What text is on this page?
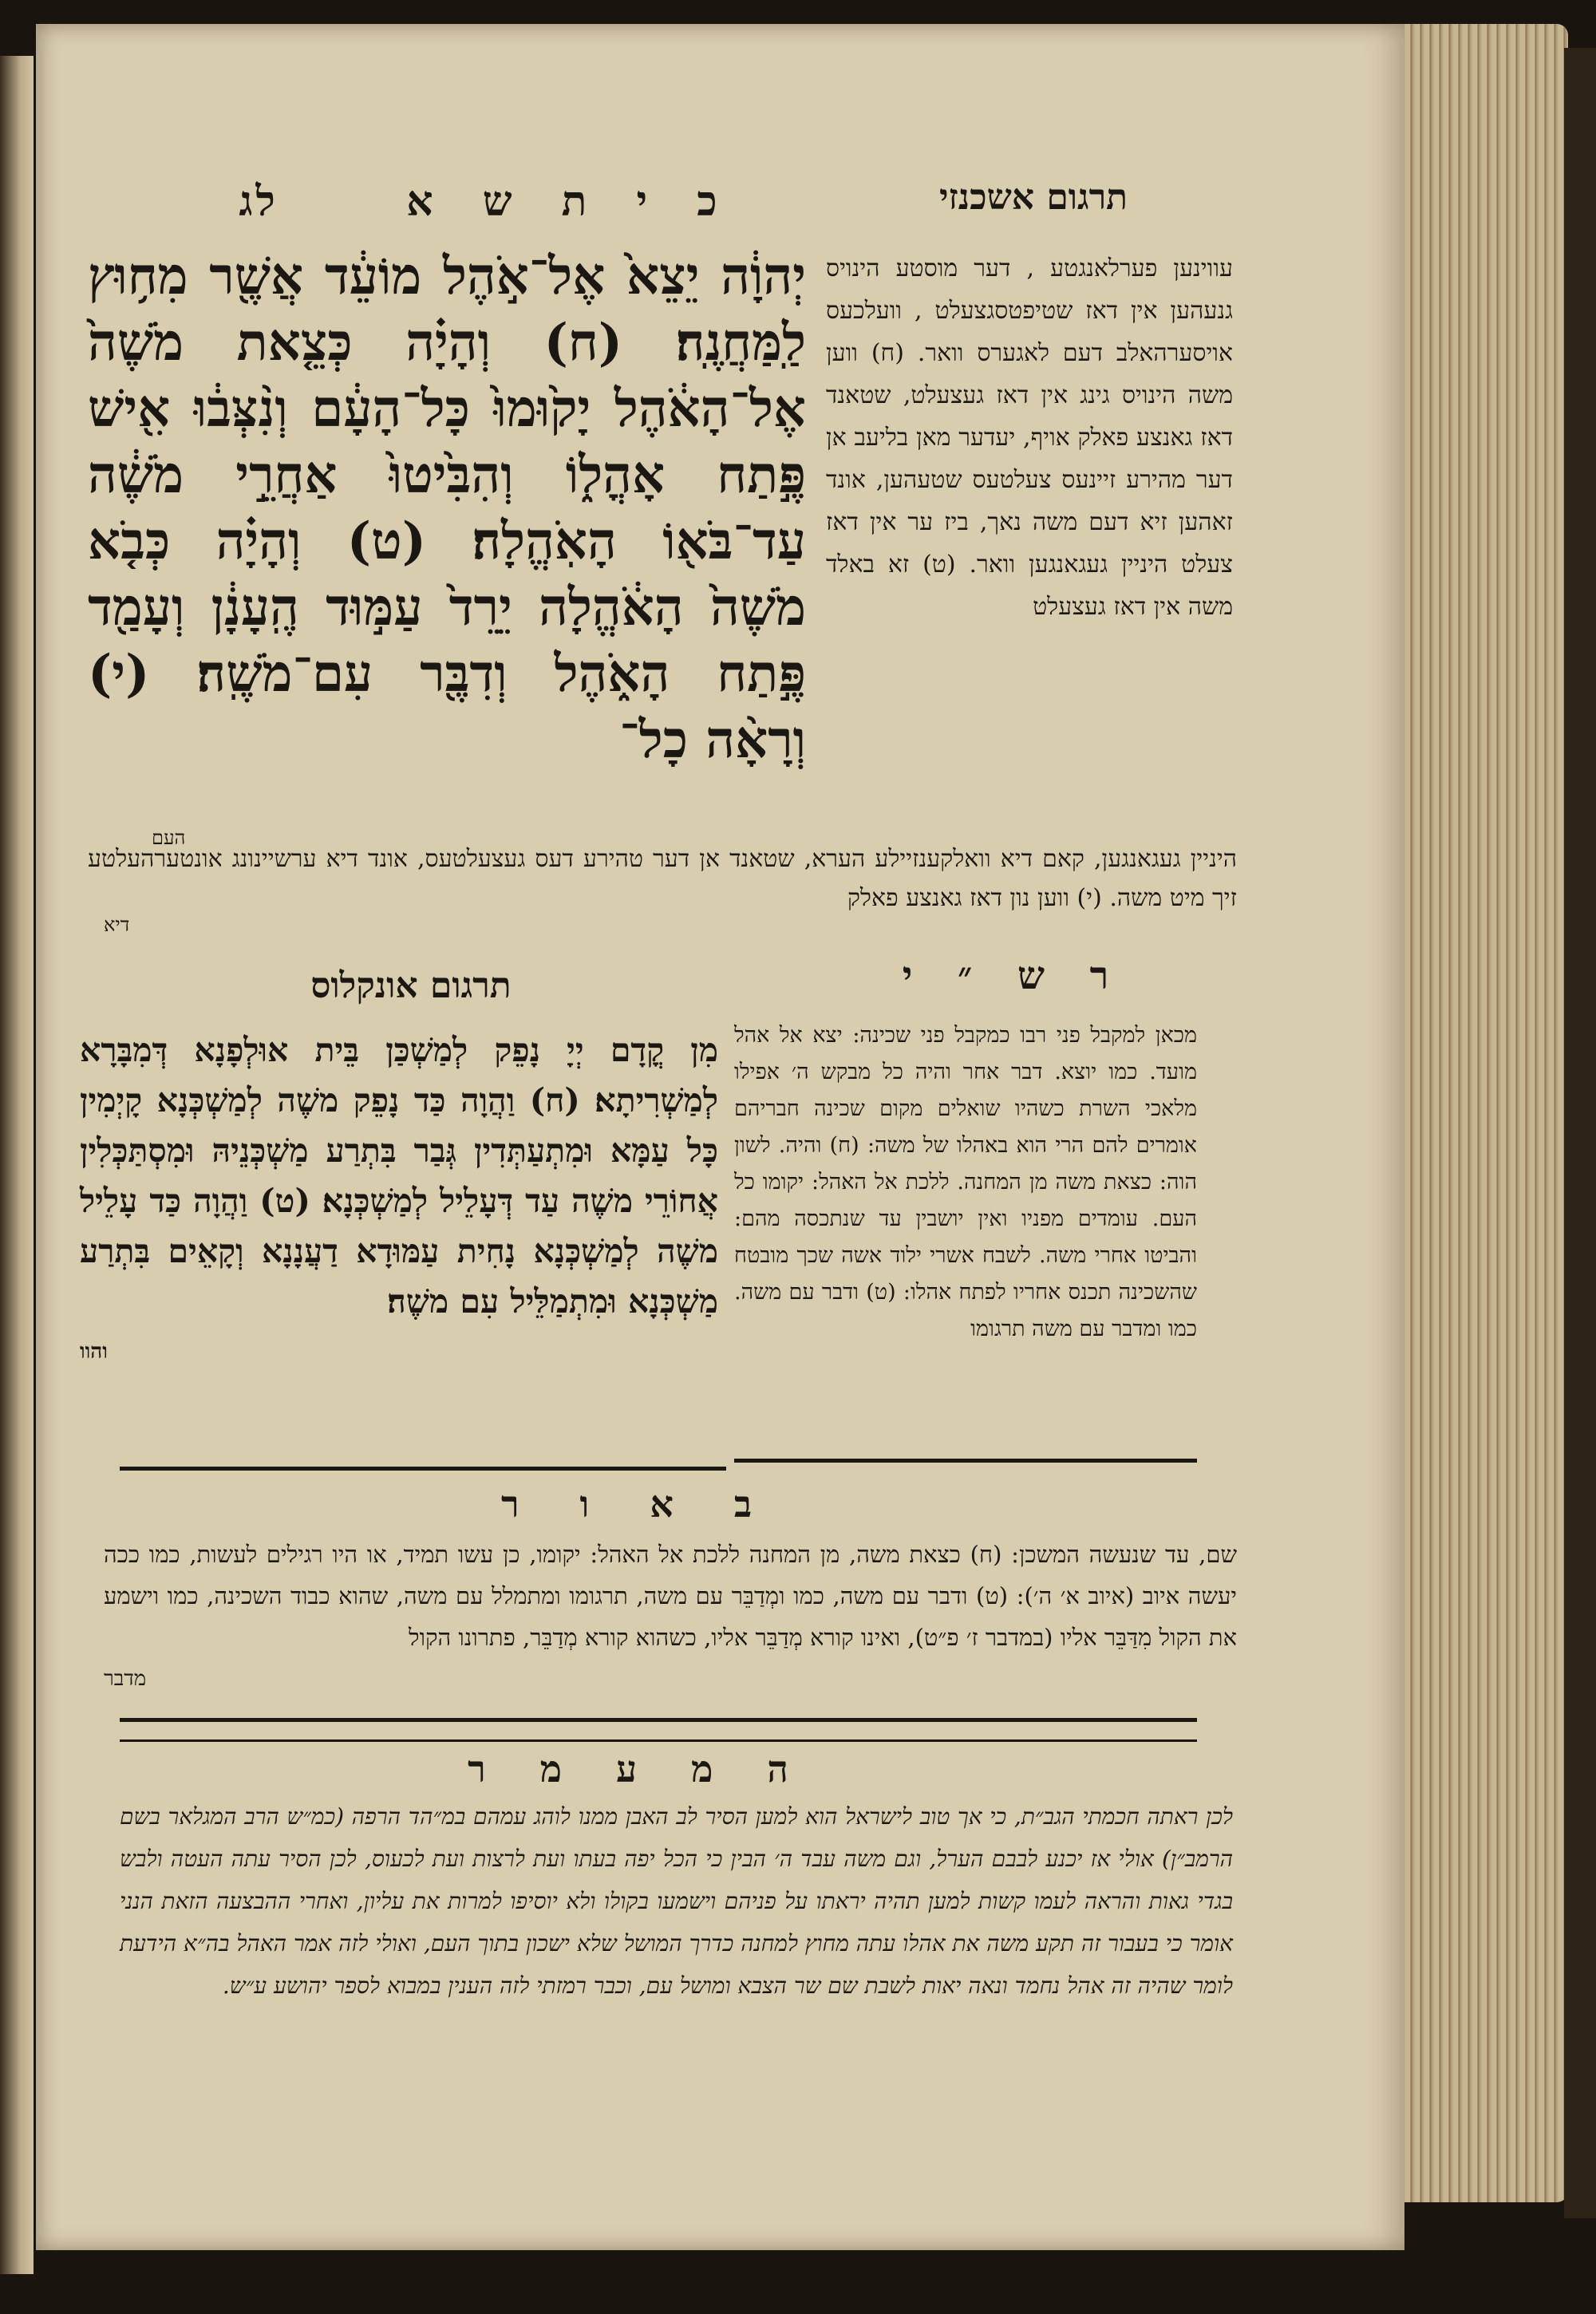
כ י ת ש א    לג	תרגום אשכנזי
יְהוָ֔ה יֵצֵא֙ אֶל־אֹ֣הֶל מוֹעֵ֔ד אֲשֶׁ֖ר מִח֥וּץ לַֽמַּחֲנֶֽה׃ (ח) וְהָיָ֗ה כְּצֵ֤את מֹשֶׁה֙ אֶל־הָאֹ֔הֶל יָק֙וּמוּ֙ כָּל־הָעָ֔ם וְנִ֨צְּב֔וּ אִ֖ישׁ פֶּ֣תַח אָהֳל֑וֹ וְהִבִּ֙יטוּ֙ אַחֲרֵ֣י מֹשֶׁ֔ה עַד־בֹּא֖וֹ הָאֹֽהֱלָה׃ (ט) וְהָיָ֗ה כְּבֹ֤א מֹשֶׁה֙ הָאֹ֔הֱלָה יֵרֵד֙ עַמּ֣וּד הֶֽעָנָ֔ן וְעָמַ֖ד פֶּ֣תַח הָאֹ֑הֶל וְדִבֶּ֖ר עִם־מֹשֶֽׁה׃ (י) וְרָאָ֨ה כָל־
עווינען פערלאנגטע , דער מוסטע הינויס גנעהען אין דאז שטיפטסגצעלט , וועלכעס אויסערהאלב דעם לאגערס וואר. (ח) ווען משה הינויס גינג אין דאז געצעלט, שטאנד דאז גאנצע פאלק אויף, יעדער מאן בליעב אן דער מהירע זיינעס צעלטעס שטעהען, אונד זאהען זיא דעם משה נאך, ביז ער אין דאז צעלט היניין געגאנגען וואר. (ט) זא באלד משה אין דאז געצעלט
העם
היניין געגאנגען, קאם דיא וואלקענזיילע הערא, שטאנד אן דער טהירע דעס געצעלטעס, אונד דיא ערשיינונג אונטערהעלטע זיך מיט משה. (י) ווען נון דאז גאנצע פאלק
דיא
ר ש ״ י
תרגום אונקלוס
מכאן למקבל פני רבו כמקבל פני שכינה: יצא אל אהל מועד. כמו יוצא. דבר אחר והיה כל מבקש ה׳ אפילו מלאכי השרת כשהיו שואלים מקום שכינה חבריהם אומרים להם הרי הוא באהלו של משה: (ח) והיה. לשון הוה: כצאת משה מן המחנה. ללכת אל האהל: יקומו כל העם. עומדים מפניו ואין יושבין עד שנתכסה מהם: והביטו אחרי משה. לשבח אשרי ילוד אשה שכך מובטח שהשכינה תכנס אחריו לפתח אהלו: (ט) ודבר עם משה. כמו ומדבר עם משה תרגומו
מִן קֳדָם יְיָ נָפֵק לְמַשְׁכַּן בֵּית אוּלְפָנָא דְּמִבָּרָא לְמַשְׁרִיתָא׃ (ח) וַהֲוָה כַּד נָפֵק משֶׁה לְמַשְׁכְּנָא קָיְמִין כָּל עַמָּא וּמִתְעַתְּדִין גְּבַר בִּתְרַע מַשְׁכְּנֵיהּ וּמִסְתַּכְּלִין אֲחוֹרֵי משֶׁה עַד דְּעָלֵיל לְמַשְׁכְּנָא׃ (ט) וַהֲוָה כַּד עָלֵיל משֶׁה לְמַשְׁכְּנָא נָחִית עַמּוּדָא דַעֲנָנָא וְקָאֵים בִּתְרַע מַשְׁכְּנָא וּמִתְמַלֵּיל עִם משֶׁה׃
והוו
ב א ו ר
שם, עד שנעשה המשכן: (ח) כצאת משה, מן המחנה ללכת אל האהל: יקומו, כן עשו תמיד, או היו רגילים לעשות, כמו ככה יעשה איוב (איוב א׳ ה׳): (ט) ודבר עם משה, כמו ומְדַבֵּר עם משה, תרגומו ומתמלל עם משה, שהוא כבוד השכינה, כמו וישמע את הקול מִדַּבֵּר אליו (במדבר ז׳ פ״ט), ואינו קורא מְדַבֵּר אליו, כשהוא קורא מְדַבֵּר, פתרונו הקול
מדבר
ה מ ע מ ר
לכן ראתה חכמתי הגב״ת, כי אך טוב לישראל הוא למען הסיר לב האבן ממנו לוהג עמהם במ״הד הרפה (כמ״ש הרב המגלאר בשם הרמב״ן) אולי אז יכנע לבבם הערל, וגם משה עבד ה׳ הבין כי הכל יפה בעתו ועת לרצות ועת לכעוס, לכן הסיר עתה העטה ולבש בגדי גאות והראה לעמו קשות למען תהיה יראתו על פניהם וישמעו בקולו ולא יוסיפו למרות את עליון, ואחרי ההבצעה הזאת הנני אומר כי בעבור זה תקע משה את אהלו עתה מחוץ למחנה כדרך המושל שלא ישכון בתוך העם, ואולי לזה אמר האהל בה״א הידעת לומר שהיה זה אהל נחמד ונאה יאות לשבת שם שר הצבא ומושל עם, וכבר רמזתי לזה הענין במבוא לספר יהושע ע״ש.
